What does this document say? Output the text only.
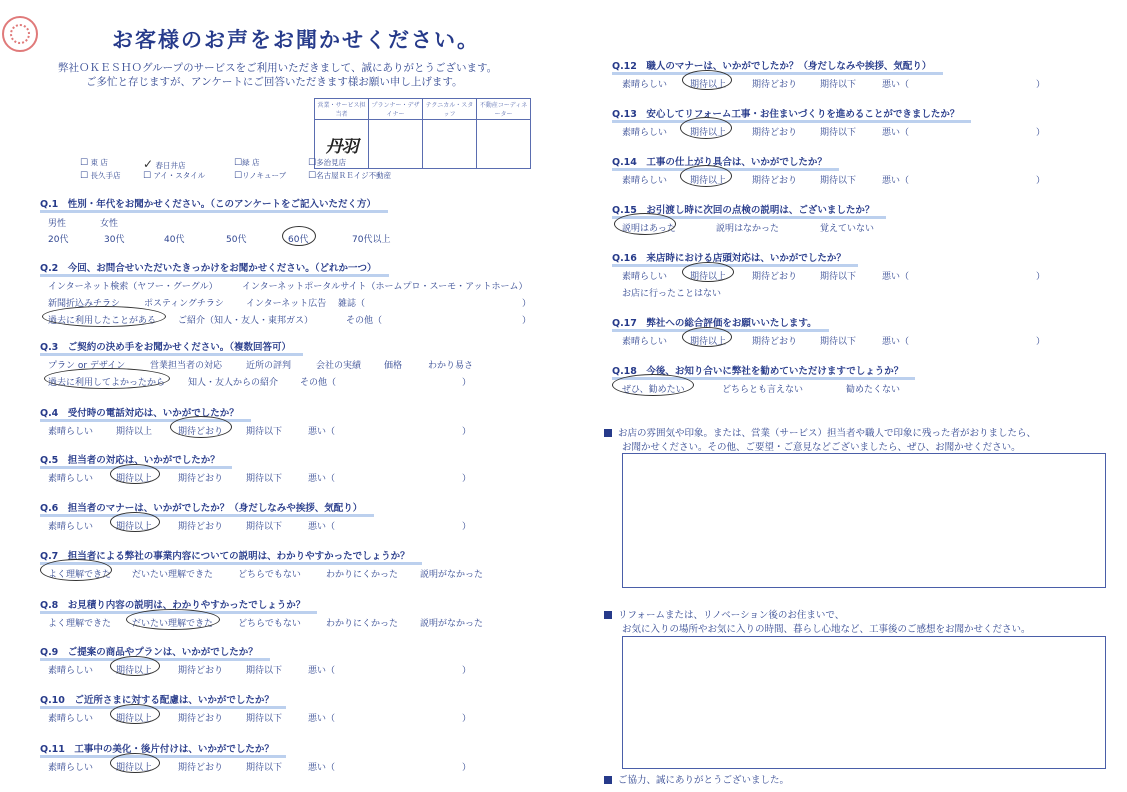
お客様のお声をお聞かせください。
弊社ＯＫＥＳＨＯグループのサービスをご利用いただきまして、誠にありがとうございます。
ご多忙と存じますが、アンケートにご回答いただきます様お願い申し上げます。
営業・サービス担当者	プランナー・デザイナー	テクニカル・スタッフ	不動産コーディネーター
丹羽			
☐ 東 店	✓ 春日井店	☐緑 店	☐多治見店
☐ 長久手店	☐ アイ・スタイル	☐リノキューブ ☐名古屋ＲＥイジ不動産
Q.1　性別・年代をお聞かせください。（このアンケートをご記入いただく方）
男性	女性
20代	30代	40代	50代	60代	70代以上
Q.2　今回、お問合せいただいたきっかけをお聞かせください。（どれか一つ）
インターネット検索（ヤフー・グーグル）	インターネットポータルサイト（ホームプロ・スーモ・アットホーム）
新聞折込みチラシ	ポスティングチラシ インターネット広告 雑誌（	）
過去に利用したことがある ご紹介（知人・友人・東邦ガス）	その他（	）
Q.3　ご契約の決め手をお聞かせください。（複数回答可）
プラン or デザイン	営業担当者の対応	近所の評判	会社の実績	価格	わかり易さ
過去に利用してよかったから	知人・友人からの紹介 その他（	）
Q.4　受付時の電話対応は、いかがでしたか？
素晴らしい	期待以上	期待どおり	期待以下	悪い（	）
Q.5　担当者の対応は、いかがでしたか？
素晴らしい	期待以上	期待どおり	期待以下	悪い（	）
Q.6　担当者のマナーは、いかがでしたか？（身だしなみや挨拶、気配り）
素晴らしい	期待以上	期待どおり	期待以下	悪い（	）
Q.7　担当者による弊社の事業内容についての説明は、わかりやすかったでしょうか？
よく理解できた だいたい理解できた	どちらでもない	わかりにくかった 説明がなかった
Q.8　お見積り内容の説明は、わかりやすかったでしょうか？
よく理解できた だいたい理解できた	どちらでもない	わかりにくかった 説明がなかった
Q.9　ご提案の商品やプランは、いかがでしたか？
素晴らしい	期待以上	期待どおり	期待以下	悪い（	）
Q.10　ご近所さまに対する配慮は、いかがでしたか？
素晴らしい	期待以上	期待どおり	期待以下	悪い（	）
Q.11　工事中の美化・後片付けは、いかがでしたか？
素晴らしい	期待以上	期待どおり	期待以下	悪い（	）
Q.12　職人のマナーは、いかがでしたか？（身だしなみや挨拶、気配り）
素晴らしい	期待以上	期待どおり	期待以下	悪い（	）
Q.13　安心してリフォーム工事・お住まいづくりを進めることができましたか？
素晴らしい	期待以上	期待どおり	期待以下	悪い（	）
Q.14　工事の仕上がり具合は、いかがでしたか？
素晴らしい	期待以上	期待どおり	期待以下	悪い（	）
Q.15　お引渡し時に次回の点検の説明は、ございましたか？
説明はあった	説明はなかった	覚えていない
Q.16　来店時における店頭対応は、いかがでしたか？
素晴らしい	期待以上	期待どおり	期待以下	悪い（	）
お店に行ったことはない
Q.17　弊社への総合評価をお願いいたします。
素晴らしい	期待以上	期待どおり	期待以下	悪い（	）
Q.18　今後、お知り合いに弊社を勧めていただけますでしょうか？
ぜひ、勧めたい	どちらとも言えない	勧めたくない
お店の雰囲気や印象。または、営業（サービス）担当者や職人で印象に残った者がおりましたら、
お聞かせください。その他、ご要望・ご意見などございましたら、ぜひ、お聞かせください。
リフォームまたは、リノベーション後のお住まいで、
お気に入りの場所やお気に入りの時間、暮らし心地など、工事後のご感想をお聞かせください。
ご協力、誠にありがとうございました。
